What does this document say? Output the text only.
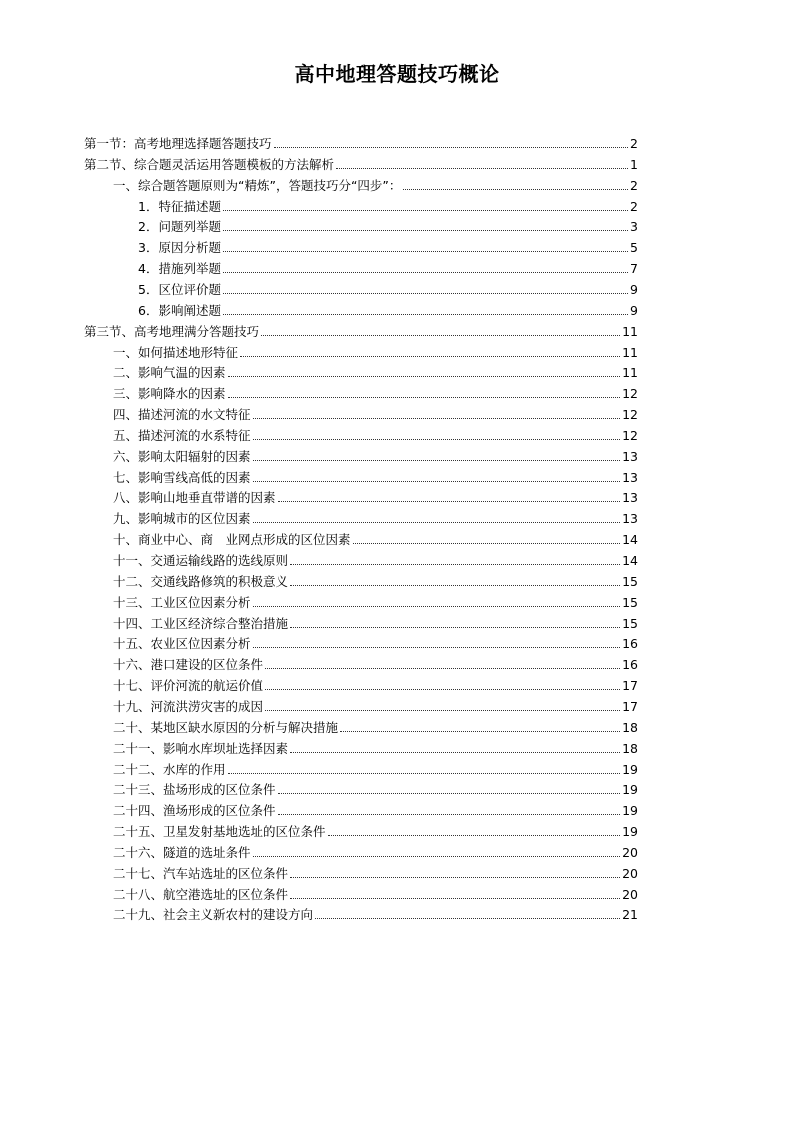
高中地理答题技巧概论
第一节：高考地理选择题答题技巧	2
第二节、综合题灵活运用答题模板的方法解析	1
一、综合题答题原则为“精炼”，答题技巧分“四步”：	2
1．特征描述题	2
2．问题列举题	3
3．原因分析题	5
4．措施列举题	7
5．区位评价题	9
6．影响阐述题	9
第三节、高考地理满分答题技巧	11
一、如何描述地形特征	11
二、影响气温的因素	11
三、影响降水的因素	12
四、描述河流的水文特征	12
五、描述河流的水系特征	12
六、影响太阳辐射的因素	13
七、影响雪线高低的因素	13
八、影响山地垂直带谱的因素	13
九、影响城市的区位因素	13
十、商业中心、商　业网点形成的区位因素	14
十一、交通运输线路的选线原则	14
十二、交通线路修筑的积极意义	15
十三、工业区位因素分析	15
十四、工业区经济综合整治措施	15
十五、农业区位因素分析	16
十六、港口建设的区位条件	16
十七、评价河流的航运价值	17
十九、河流洪涝灾害的成因	17
二十、某地区缺水原因的分析与解决措施	18
二十一、影响水库坝址选择因素	18
二十二、水库的作用	19
二十三、盐场形成的区位条件	19
二十四、渔场形成的区位条件	19
二十五、卫星发射基地选址的区位条件	19
二十六、隧道的选址条件	20
二十七、汽车站选址的区位条件	20
二十八、航空港选址的区位条件	20
二十九、社会主义新农村的建设方向	21
